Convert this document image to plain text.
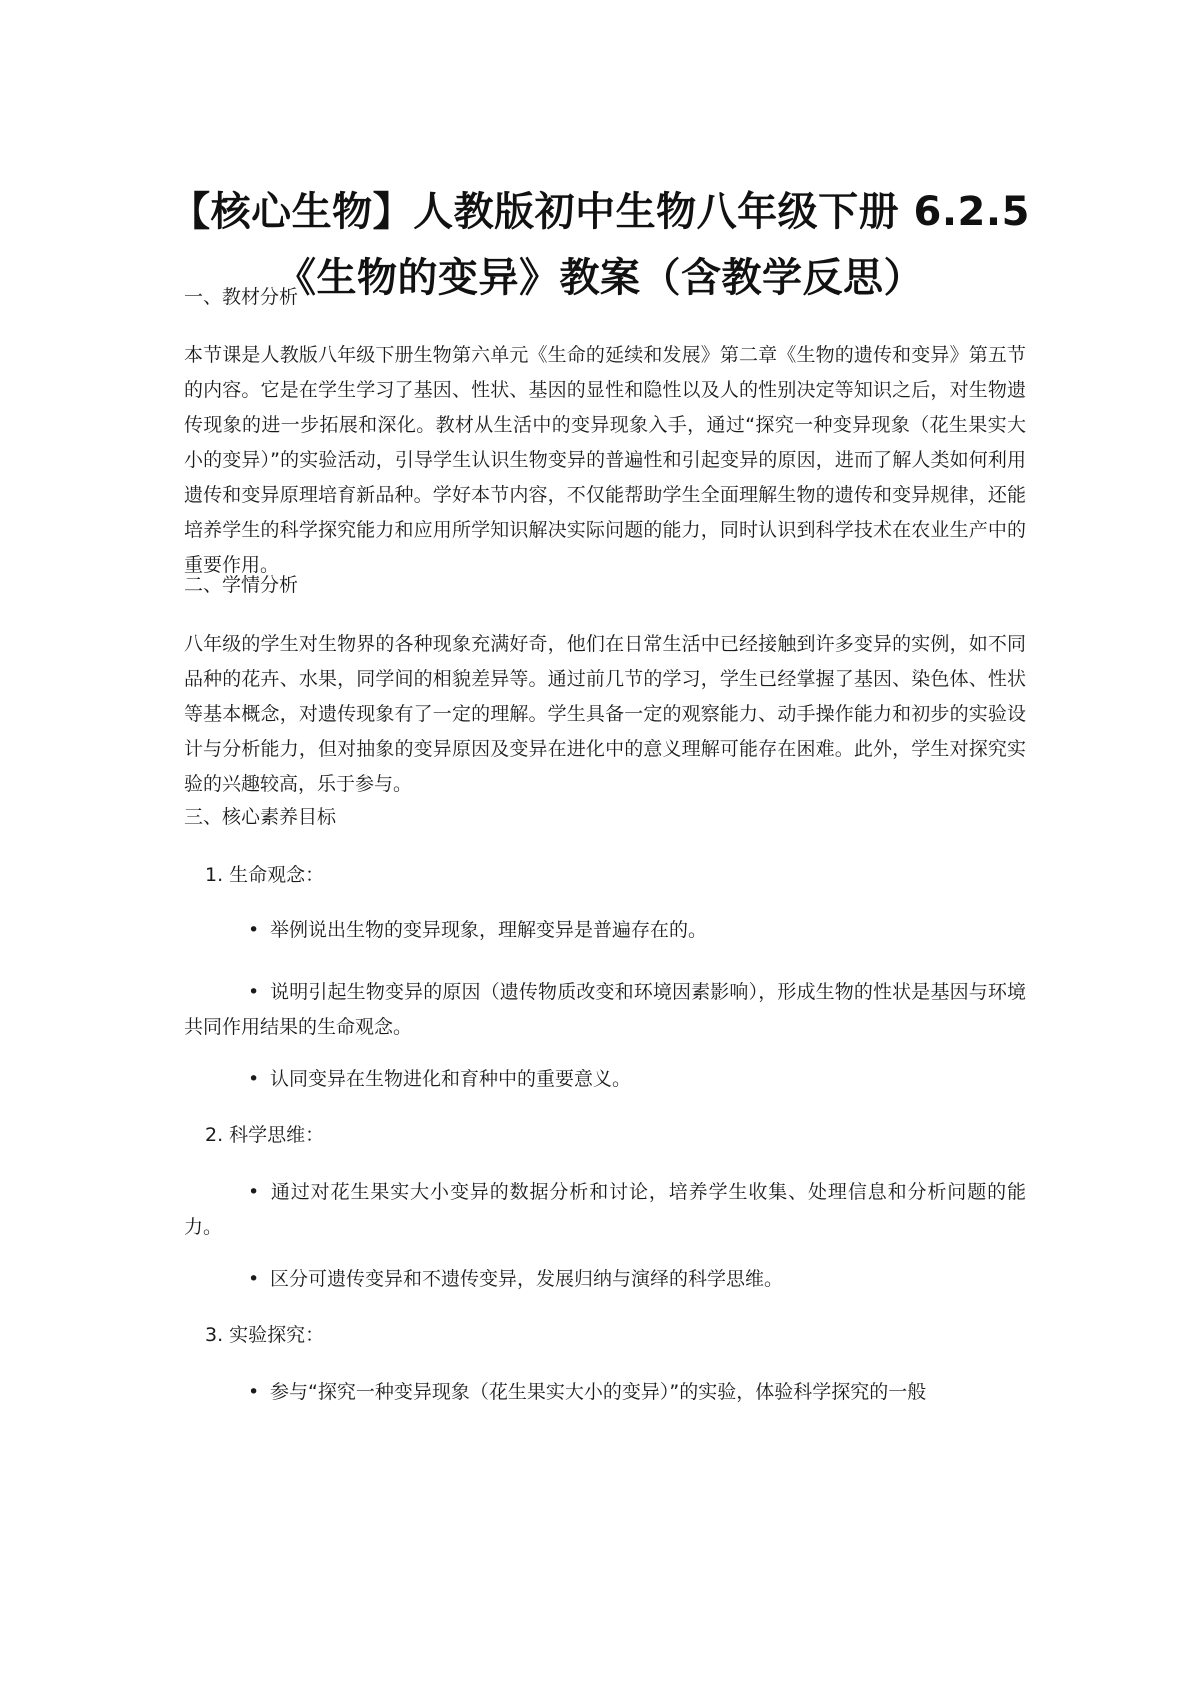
【核心生物】人教版初中生物八年级下册 6.2.5
《生物的变异》教案（含教学反思）
一、教材分析
本节课是人教版八年级下册生物第六单元《生命的延续和发展》第二章《生物的遗传和变异》第五节的内容。它是在学生学习了基因、性状、基因的显性和隐性以及人的性别决定等知识之后，对生物遗传现象的进一步拓展和深化。教材从生活中的变异现象入手，通过“探究一种变异现象（花生果实大小的变异）”的实验活动，引导学生认识生物变异的普遍性和引起变异的原因，进而了解人类如何利用遗传和变异原理培育新品种。学好本节内容，不仅能帮助学生全面理解生物的遗传和变异规律，还能培养学生的科学探究能力和应用所学知识解决实际问题的能力，同时认识到科学技术在农业生产中的重要作用。
二、学情分析
八年级的学生对生物界的各种现象充满好奇，他们在日常生活中已经接触到许多变异的实例，如不同品种的花卉、水果，同学间的相貌差异等。通过前几节的学习，学生已经掌握了基因、染色体、性状等基本概念，对遗传现象有了一定的理解。学生具备一定的观察能力、动手操作能力和初步的实验设计与分析能力，但对抽象的变异原因及变异在进化中的意义理解可能存在困难。此外，学生对探究实验的兴趣较高，乐于参与。
三、核心素养目标
1. 生命观念：
• 举例说出生物的变异现象，理解变异是普遍存在的。
• 说明引起生物变异的原因（遗传物质改变和环境因素影响），形成生物的性状是基因与环境共同作用结果的生命观念。
• 认同变异在生物进化和育种中的重要意义。
2. 科学思维：
• 通过对花生果实大小变异的数据分析和讨论，培养学生收集、处理信息和分析问题的能力。
• 区分可遗传变异和不遗传变异，发展归纳与演绎的科学思维。
3. 实验探究：
• 参与“探究一种变异现象（花生果实大小的变异）”的实验，体验科学探究的一般
